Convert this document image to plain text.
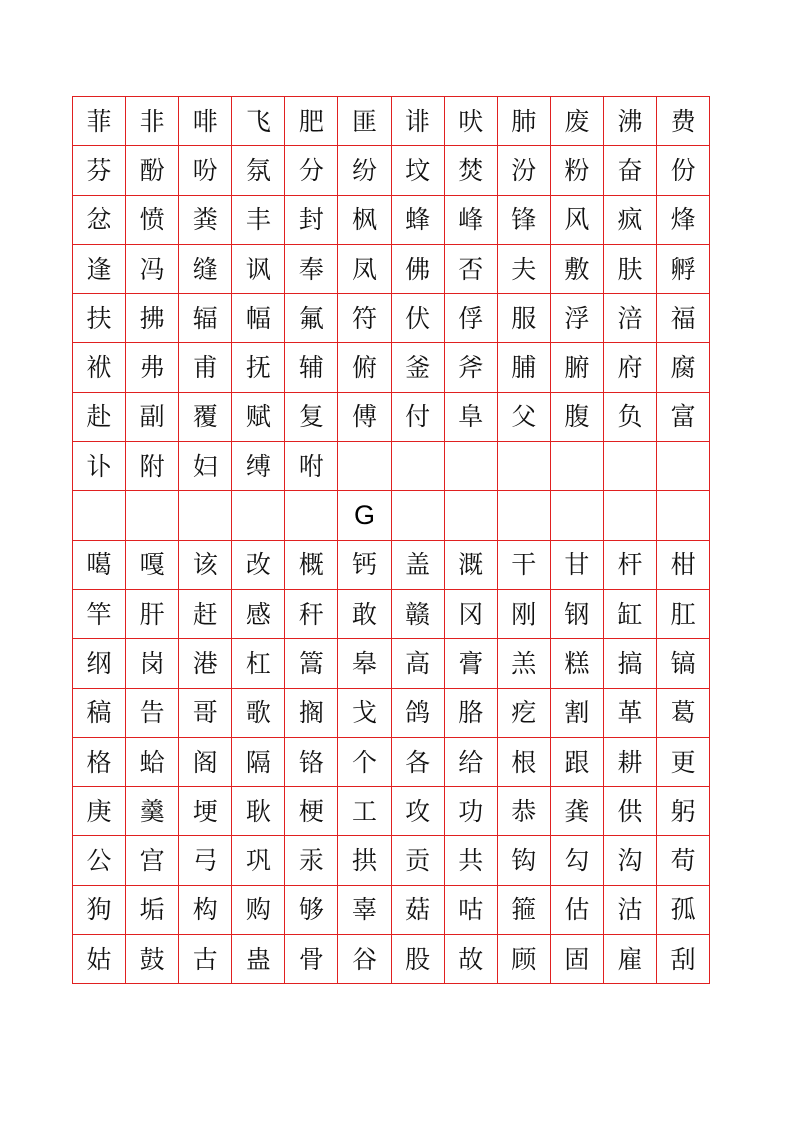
菲	非	啡	飞	肥	匪	诽	吠	肺	废	沸	费
芬	酚	吩	氛	分	纷	坟	焚	汾	粉	奋	份
忿	愤	粪	丰	封	枫	蜂	峰	锋	风	疯	烽
逢	冯	缝	讽	奉	凤	佛	否	夫	敷	肤	孵
扶	拂	辐	幅	氟	符	伏	俘	服	浮	涪	福
袱	弗	甫	抚	辅	俯	釜	斧	脯	腑	府	腐
赴	副	覆	赋	复	傅	付	阜	父	腹	负	富
讣	附	妇	缚	咐
G
噶	嘎	该	改	概	钙	盖	溉	干	甘	杆	柑
竿	肝	赶	感	秆	敢	赣	冈	刚	钢	缸	肛
纲	岗	港	杠	篙	皋	高	膏	羔	糕	搞	镐
稿	告	哥	歌	搁	戈	鸽	胳	疙	割	革	葛
格	蛤	阁	隔	铬	个	各	给	根	跟	耕	更
庚	羹	埂	耿	梗	工	攻	功	恭	龚	供	躬
公	宫	弓	巩	汞	拱	贡	共	钩	勾	沟	苟
狗	垢	构	购	够	辜	菇	咕	箍	估	沽	孤
姑	鼓	古	蛊	骨	谷	股	故	顾	固	雇	刮
